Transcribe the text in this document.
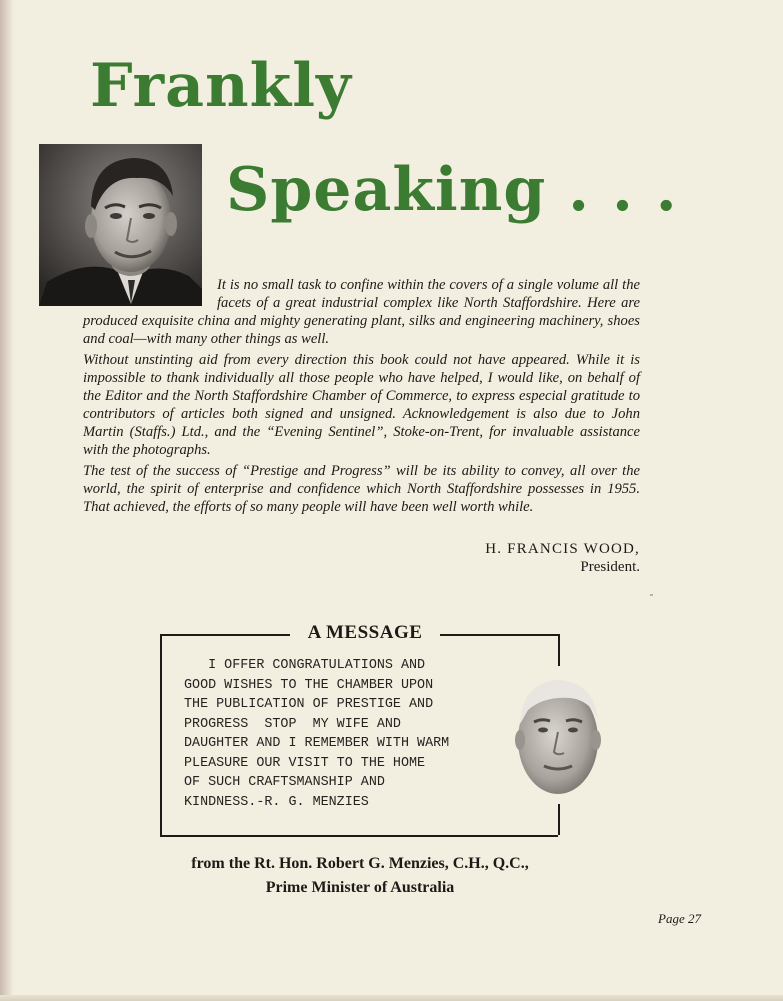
Frankly
Speaking . . .

It is no small task to confine within the covers of a single volume all the facets of a great industrial complex like North Staffordshire. Here are produced exquisite china and mighty generating plant, silks and engineering machinery, shoes and coal—with many other things as well.

Without unstinting aid from every direction this book could not have appeared. While it is impossible to thank individually all those people who have helped, I would like, on behalf of the Editor and the North Staffordshire Chamber of Commerce, to express especial gratitude to contributors of articles both signed and unsigned. Acknowledgement is also due to John Martin (Staffs.) Ltd., and the “Evening Sentinel”, Stoke-on-Trent, for invaluable assistance with the photographs.

The test of the success of “Prestige and Progress” will be its ability to convey, all over the world, the spirit of enterprise and confidence which North Staffordshire possesses in 1955. That achieved, the efforts of so many people will have been well worth while.

H. FRANCIS WOOD,
President.
A MESSAGE
I OFFER CONGRATULATIONS AND
GOOD WISHES TO THE CHAMBER UPON
THE PUBLICATION OF PRESTIGE AND
PROGRESS  STOP  MY WIFE AND
DAUGHTER AND I REMEMBER WITH WARM
PLEASURE OUR VISIT TO THE HOME
OF SUCH CRAFTSMANSHIP AND
KINDNESS.-R. G. MENZIES
from the Rt. Hon. Robert G. Menzies, C.H., Q.C.,
Prime Minister of Australia
Page 27
